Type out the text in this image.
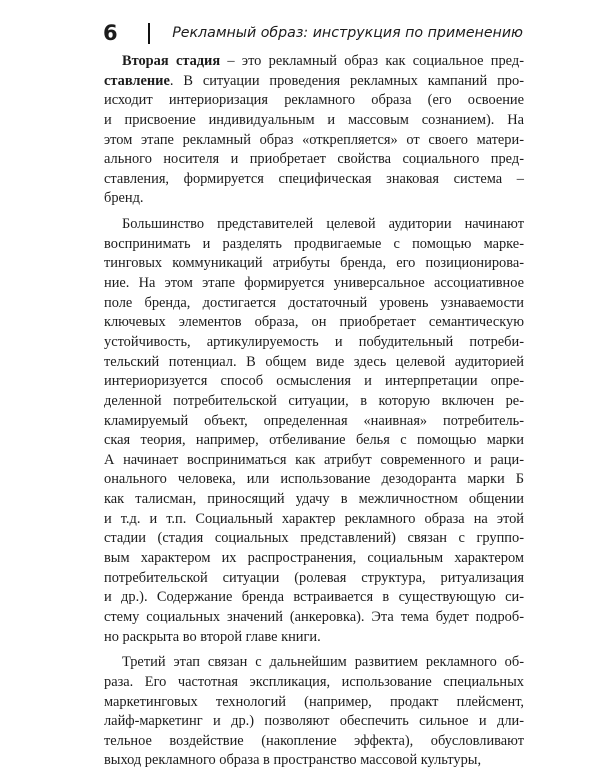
6	Рекламный образ: инструкция по применению
Вторая стадия – это рекламный образ как социальное пред-
ставление. В ситуации проведения рекламных кампаний про-
исходит интериоризация рекламного образа (его освоение
и присвоение индивидуальным и массовым сознанием). На
этом этапе рекламный образ «открепляется» от своего матери-
ального носителя и приобретает свойства социального пред-
ставления, формируется специфическая знаковая система –
бренд.
Большинство представителей целевой аудитории начинают
воспринимать и разделять продвигаемые с помощью марке-
тинговых коммуникаций атрибуты бренда, его позиционирова-
ние. На этом этапе формируется универсальное ассоциативное
поле бренда, достигается достаточный уровень узнаваемости
ключевых элементов образа, он приобретает семантическую
устойчивость, артикулируемость и побудительный потреби-
тельский потенциал. В общем виде здесь целевой аудиторией
интериоризуется способ осмысления и интерпретации опре-
деленной потребительской ситуации, в которую включен ре-
кламируемый объект, определенная «наивная» потребитель-
ская теория, например, отбеливание белья с помощью марки
А начинает восприниматься как атрибут современного и раци-
онального человека, или использование дезодоранта марки Б
как талисман, приносящий удачу в межличностном общении
и т.д. и т.п. Социальный характер рекламного образа на этой
стадии (стадия социальных представлений) связан с группо-
вым характером их распространения, социальным характером
потребительской ситуации (ролевая структура, ритуализация
и др.). Содержание бренда встраивается в существующую си-
стему социальных значений (анкеровка). Эта тема будет подроб-
но раскрыта во второй главе книги.
Третий этап связан с дальнейшим развитием рекламного об-
раза. Его частотная экспликация, использование специальных
маркетинговых технологий (например, продакт плейсмент,
лайф-маркетинг и др.) позволяют обеспечить сильное и дли-
тельное воздействие (накопление эффекта), обусловливают
выход рекламного образа в пространство массовой культуры,
